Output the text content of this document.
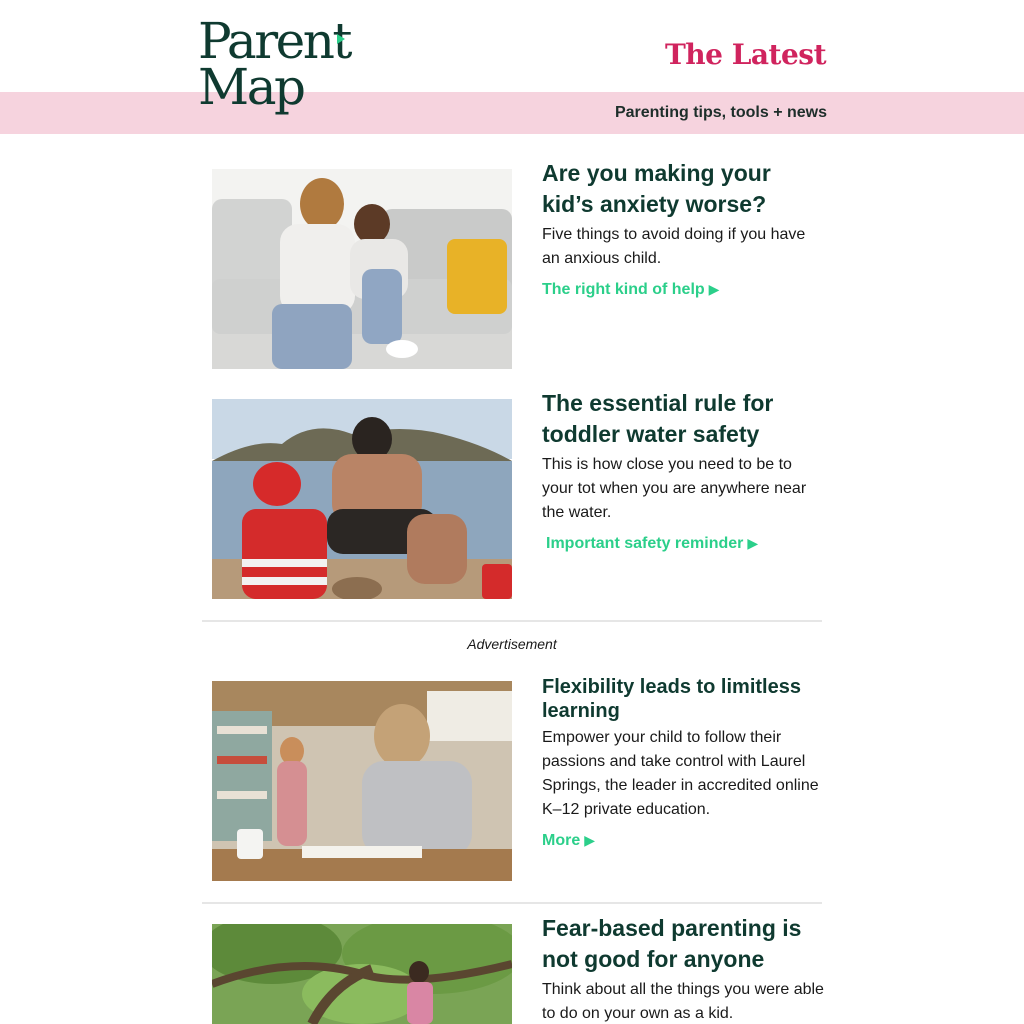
Parent
Map
The Latest
Parenting tips, tools + news
Are you making your kid’s anxiety worse?
Five things to avoid doing if you have an anxious child.
The right kind of help ▶
The essential rule for toddler water safety
This is how close you need to be to your tot when you are anywhere near the water.
Important safety reminder ▶
Advertisement
Flexibility leads to limitless learning
Empower your child to follow their passions and take control with Laurel Springs, the leader in accredited online K–12 private education.
More ▶
Fear-based parenting is not good for anyone
Think about all the things you were able to do on your own as a kid.
